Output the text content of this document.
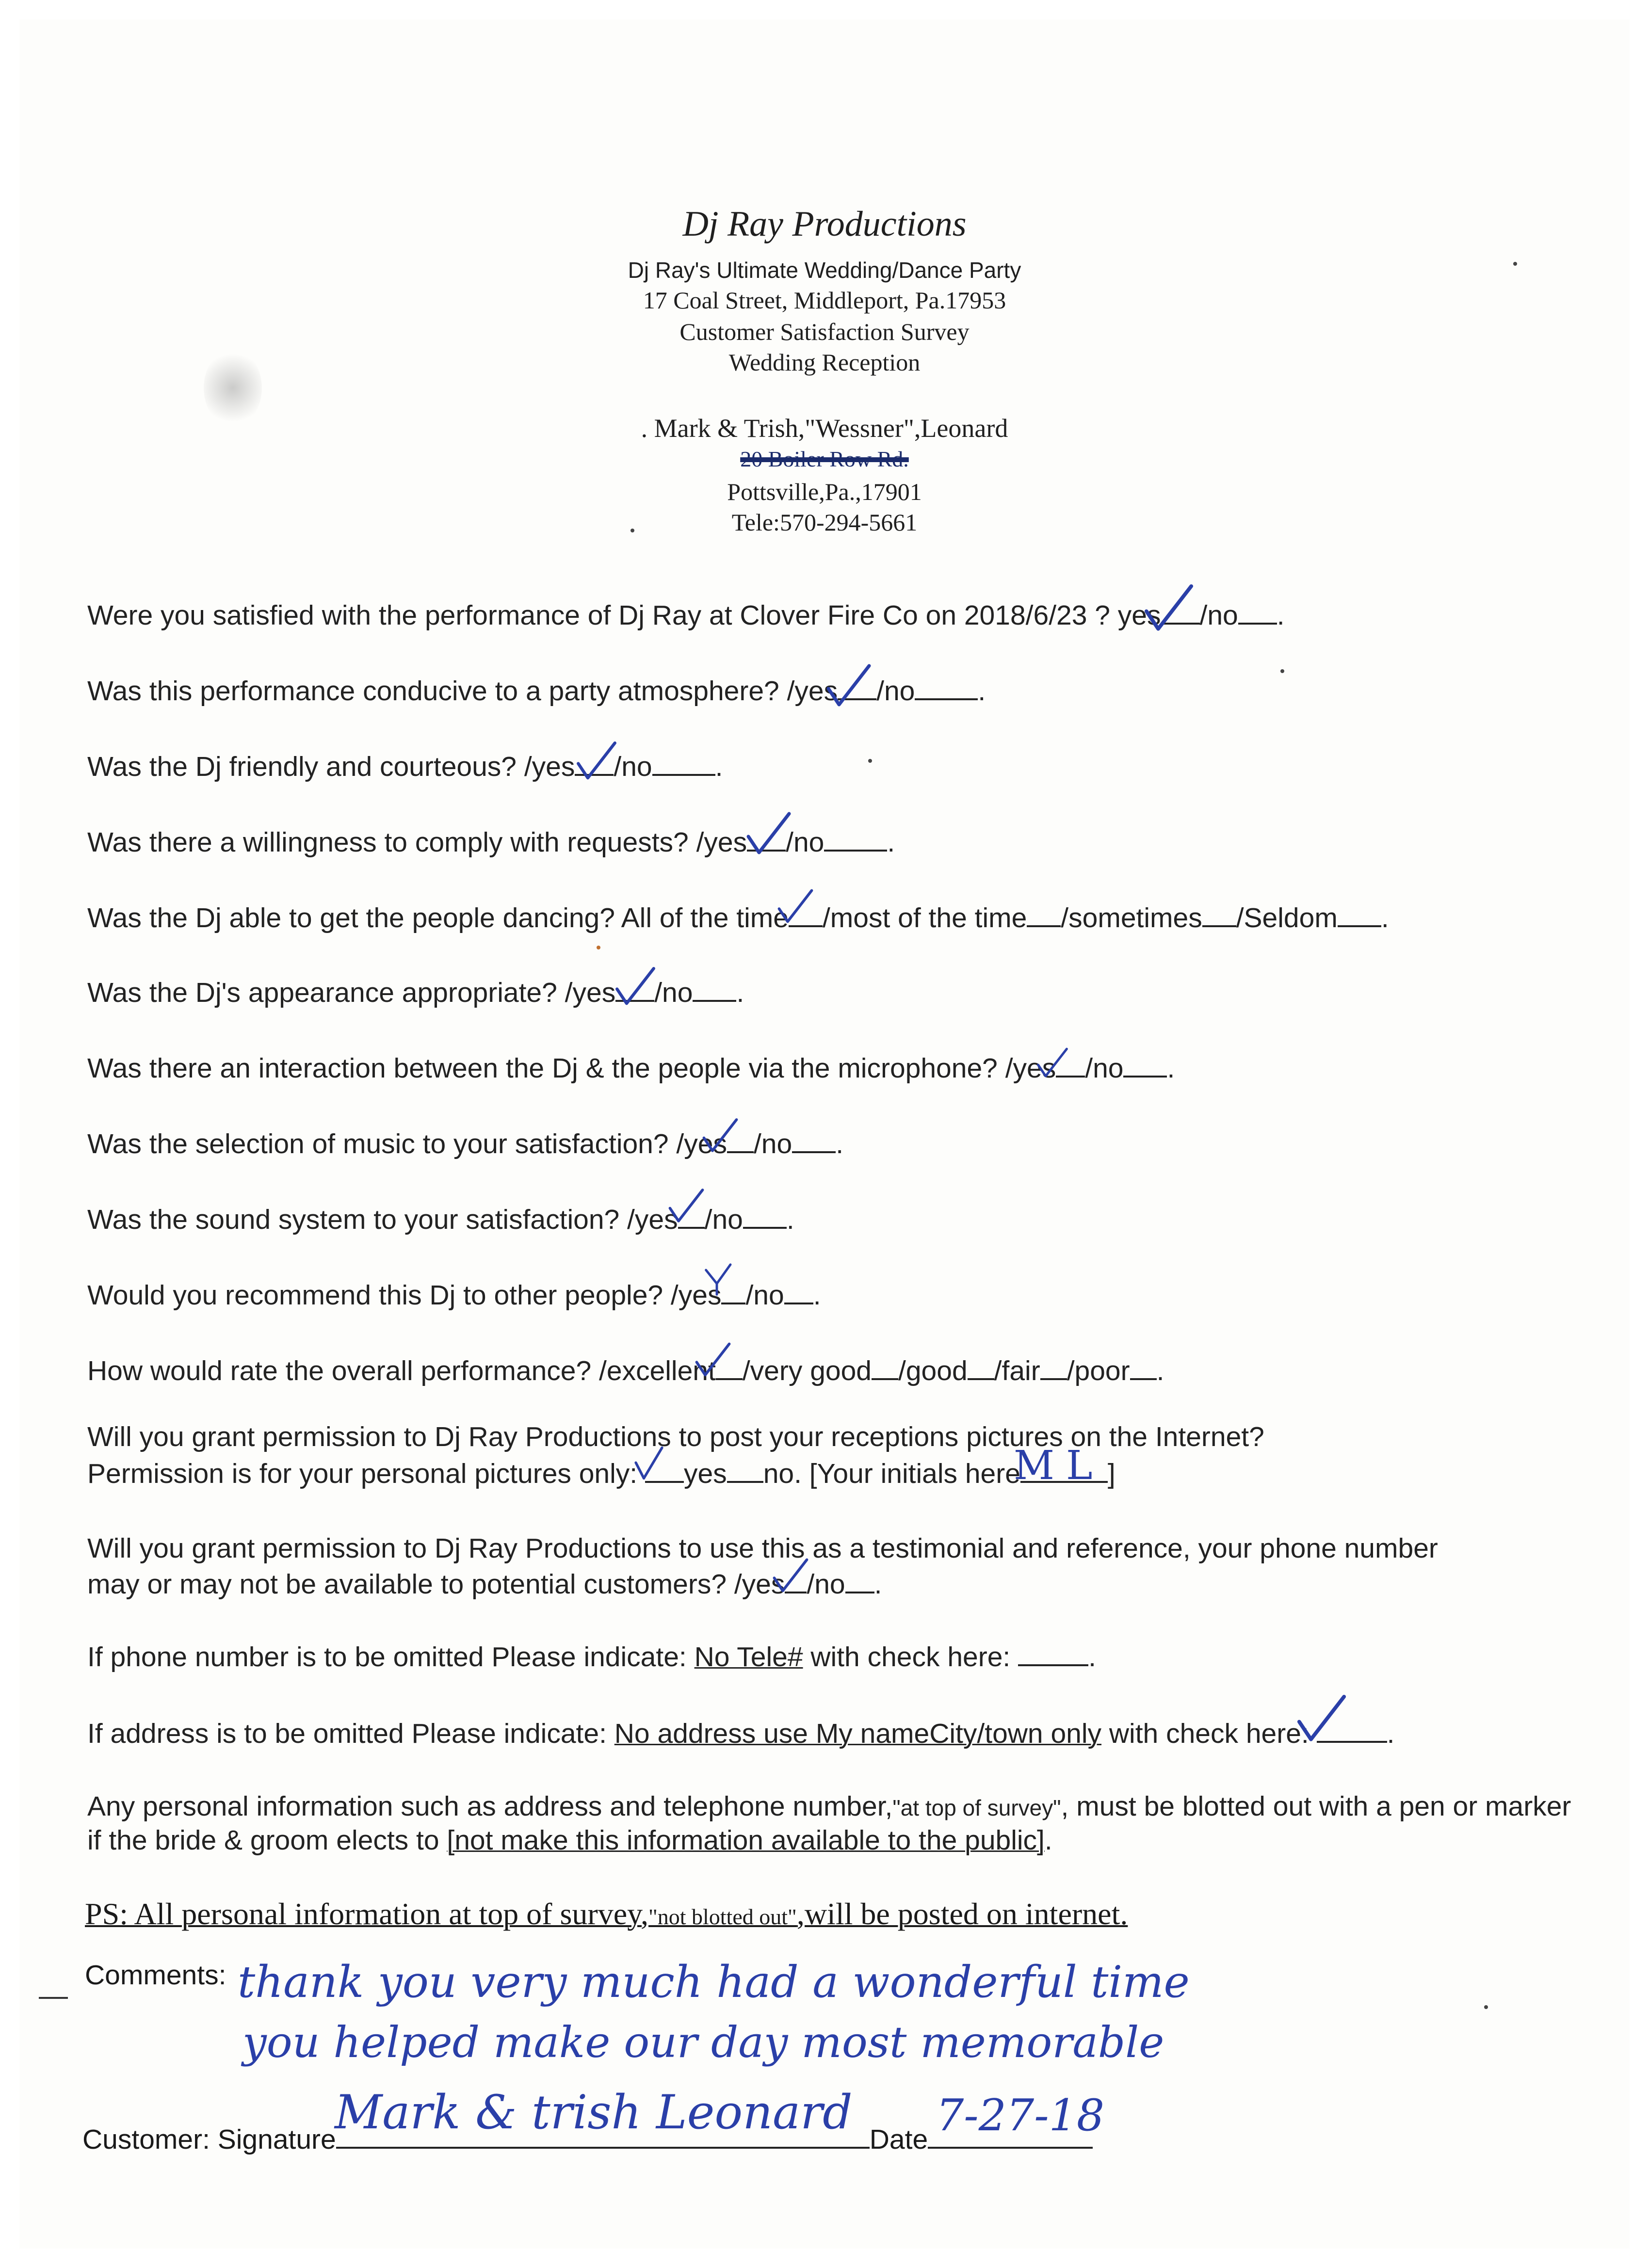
Dj Ray Productions
Dj Ray's Ultimate Wedding/Dance Party
17 Coal Street, Middleport, Pa.17953
Customer Satisfaction Survey
Wedding Reception
. Mark & Trish,"Wessner",Leonard
20 Boiler Row Rd.
Pottsville,Pa.,17901
Tele:570-294-5661
Were you satisfied with the performance of Dj Ray at Clover Fire Co on 2018/6/23 ? yes /no .
Was this performance conducive to a party atmosphere? /yes /no .
Was the Dj friendly and courteous? /yes /no .
Was there a willingness to comply with requests? /yes /no .
Was the Dj able to get the people dancing? All of the time /most of the time /sometimes /Seldom .
Was the Dj's appearance appropriate? /yes /no .
Was there an interaction between the Dj & the people via the microphone? /yes /no .
Was the selection of music to your satisfaction? /yes /no .
Was the sound system to your satisfaction? /yes /no .
Would you recommend this Dj to other people? /yes /no .
How would rate the overall performance? /excellent /very good /good /fair /poor .
Will you grant permission to Dj Ray Productions to post your receptions pictures on the Internet?
Permission is for your personal pictures only: yes no. [Your initials here	]
Will you grant permission to Dj Ray Productions to use this as a testimonial and reference, your phone number
may or may not be available to potential customers? /yes /no .
If phone number is to be omitted Please indicate: No Tele# with check here:	.
If address is to be omitted Please indicate: No address use My nameCity/town only with check here:	.
Any personal information such as address and telephone number,"at top of survey", must be blotted out with a pen or marker
if the bride & groom elects to [not make this information available to the public].
PS: All personal information at top of survey,"not blotted out",will be posted on internet.
Comments: thank you very much had a wonderful time
you helped make our day most memorable
Customer: Signature	Date
Mark & trish Leonard 7-27-18
ML
